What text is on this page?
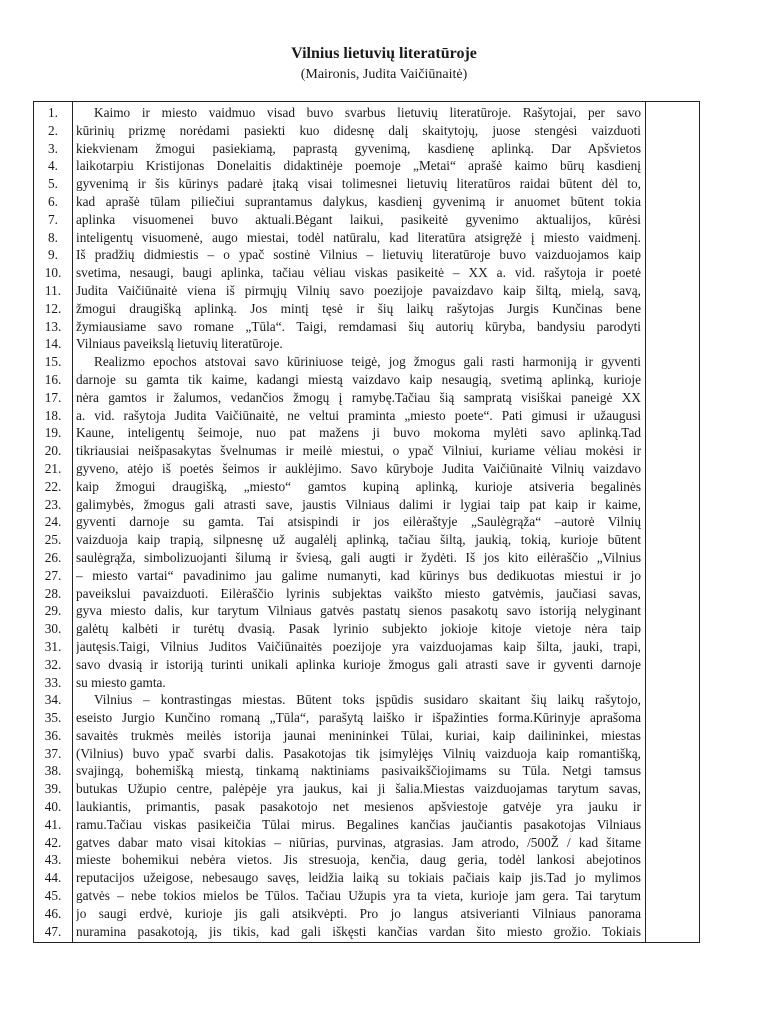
Vilnius lietuvių literatūroje
(Maironis, Judita Vaičiūnaitė)
1.
2.
3.
4.
5.
6.
7.
8.
9.
10.
11.
12.
13.
14.
15.
16.
17.
18.
19.
20.
21.
22.
23.
24.
25.
26.
27.
28.
29.
30.
31.
32.
33.
34.
35.
36.
37.
38.
39.
40.
41.
42.
43.
44.
45.
46.
47.
Kaimo ir miesto vaidmuo visad buvo svarbus lietuvių literatūroje. Rašytojai, per savo
kūrinių prizmę norėdami pasiekti kuo didesnę dalį skaitytojų, juose stengėsi vaizduoti
kiekvienam žmogui pasiekiamą, paprastą gyvenimą, kasdienę aplinką. Dar Apšvietos
laikotarpiu Kristijonas Donelaitis didaktinėje poemoje „Metai“ aprašė kaimo būrų kasdienį
gyvenimą ir šis kūrinys padarė įtaką visai tolimesnei lietuvių literatūros raidai būtent dėl to,
kad aprašė tūlam piliečiui suprantamus dalykus, kasdienį gyvenimą ir anuomet būtent tokia
aplinka visuomenei buvo aktuali.Bėgant laikui, pasikeitė gyvenimo aktualijos, kūrėsi
inteligentų visuomenė, augo miestai, todėl natūralu, kad literatūra atsigręžė į miesto vaidmenį.
Iš pradžių didmiestis – o ypač sostinė Vilnius – lietuvių literatūroje buvo vaizduojamos kaip
svetima, nesaugi, baugi aplinka, tačiau vėliau viskas pasikeitė – XX a. vid. rašytoja ir poetė
Judita Vaičiūnaitė viena iš pirmųjų Vilnių savo poezijoje pavaizdavo kaip šiltą, mielą, savą,
žmogui draugišką aplinką. Jos mintį tęsė ir šių laikų rašytojas Jurgis Kunčinas bene
žymiausiame savo romane „Tūla“. Taigi, remdamasi šių autorių kūryba, bandysiu parodyti
Vilniaus paveikslą lietuvių literatūroje.
Realizmo epochos atstovai savo kūriniuose teigė, jog žmogus gali rasti harmoniją ir gyventi
darnoje su gamta tik kaime, kadangi miestą vaizdavo kaip nesaugią, svetimą aplinką, kurioje
nėra gamtos ir žalumos, vedančios žmogų į ramybę.Tačiau šią sampratą visiškai paneigė XX
a. vid. rašytoja Judita Vaičiūnaitė, ne veltui praminta „miesto poete“. Pati gimusi ir užaugusi
Kaune, inteligentų šeimoje, nuo pat mažens ji buvo mokoma mylėti savo aplinką.Tad
tikriausiai neišpasakytas švelnumas ir meilė miestui, o ypač Vilniui, kuriame vėliau mokėsi ir
gyveno, atėjo iš poetės šeimos ir auklėjimo. Savo kūryboje Judita Vaičiūnaitė Vilnių vaizdavo
kaip žmogui draugišką, „miesto“ gamtos kupiną aplinką, kurioje atsiveria begalinės
galimybės, žmogus gali atrasti save, jaustis Vilniaus dalimi ir lygiai taip pat kaip ir kaime,
gyventi darnoje su gamta. Tai atsispindi ir jos eilėraštyje „Saulėgrąža“ –autorė Vilnių
vaizduoja kaip trapią, silpnesnę už augalėlį aplinką, tačiau šiltą, jaukią, tokią, kurioje būtent
saulėgrąža, simbolizuojanti šilumą ir šviesą, gali augti ir žydėti. Iš jos kito eilėraščio „Vilnius
– miesto vartai“ pavadinimo jau galime numanyti, kad kūrinys bus dedikuotas miestui ir jo
paveikslui pavaizduoti. Eilėraščio lyrinis subjektas vaikšto miesto gatvėmis, jaučiasi savas,
gyva miesto dalis, kur tarytum Vilniaus gatvės pastatų sienos pasakotų savo istoriją nelyginant
galėtų kalbėti ir turėtų dvasią. Pasak lyrinio subjekto jokioje kitoje vietoje nėra taip
jautęsis.Taigi, Vilnius Juditos Vaičiūnaitės poezijoje yra vaizduojamas kaip šilta, jauki, trapi,
savo dvasią ir istoriją turinti unikali aplinka kurioje žmogus gali atrasti save ir gyventi darnoje
su miesto gamta.
Vilnius – kontrastingas miestas. Būtent toks įspūdis susidaro skaitant šių laikų rašytojo,
eseisto Jurgio Kunčino romaną „Tūla“, parašytą laiško ir išpažinties forma.Kūrinyje aprašoma
savaitės trukmės meilės istorija jaunai menininkei Tūlai, kuriai, kaip dailininkei, miestas
(Vilnius) buvo ypač svarbi dalis. Pasakotojas tik įsimylėjęs Vilnių vaizduoja kaip romantišką,
svajingą, bohemišką miestą, tinkamą naktiniams pasivaikščiojimams su Tūla. Netgi tamsus
butukas Užupio centre, palėpėje yra jaukus, kai ji šalia.Miestas vaizduojamas tarytum savas,
laukiantis, primantis, pasak pasakotojo net mesienos apšviestoje gatvėje yra jauku ir
ramu.Tačiau viskas pasikeičia Tūlai mirus. Begalines kančias jaučiantis pasakotojas Vilniaus
gatves dabar mato visai kitokias – niūrias, purvinas, atgrasias. Jam atrodo, /500Ž / kad šitame
mieste bohemikui nebėra vietos. Jis stresuoja, kenčia, daug geria, todėl lankosi abejotinos
reputacijos užeigose, nebesaugo savęs, leidžia laiką su tokiais pačiais kaip jis.Tad jo mylimos
gatvės – nebe tokios mielos be Tūlos. Tačiau Užupis yra ta vieta, kurioje jam gera. Tai tarytum
jo saugi erdvė, kurioje jis gali atsikvėpti. Pro jo langus atsiverianti Vilniaus panorama
nuramina pasakotoją, jis tikis, kad gali iškęsti kančias vardan šito miesto grožio. Tokiais
